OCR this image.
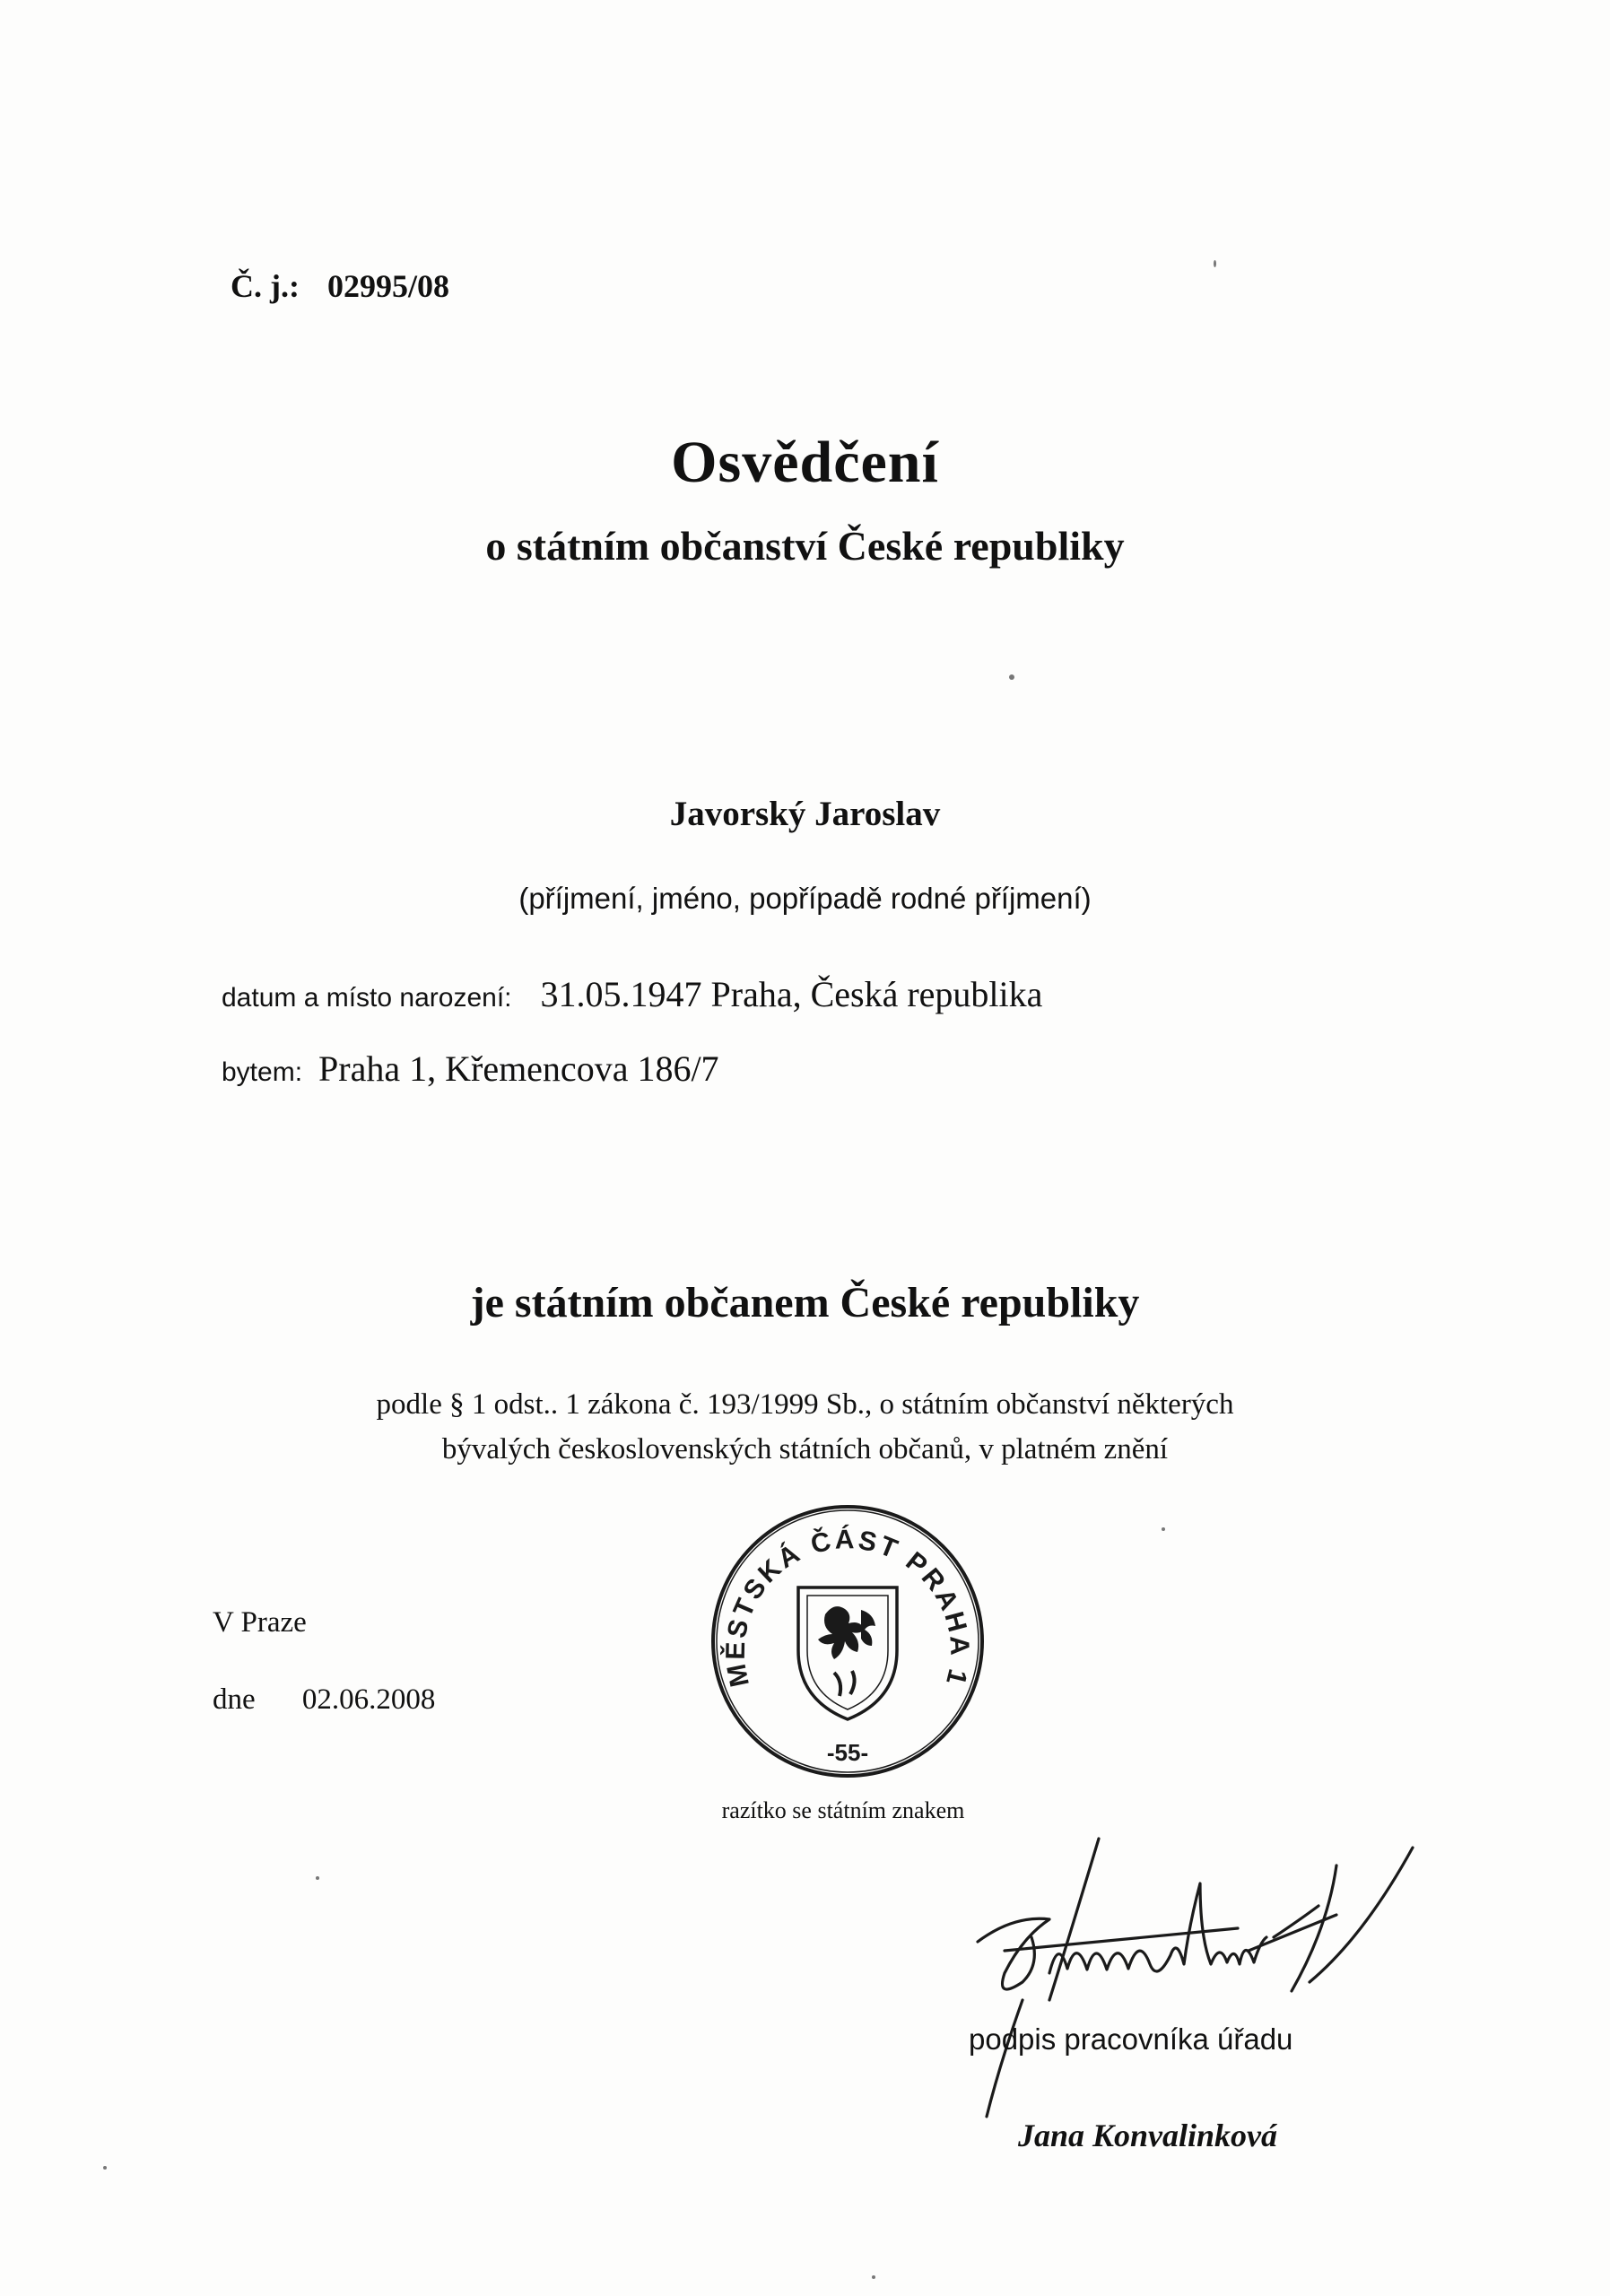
Č. j.: 02995/08
Osvědčení
o státním občanství České republiky
Javorský Jaroslav
(příjmení, jméno, popřípadě rodné příjmení)
datum a místo narození: 31.05.1947 Praha, Česká republika
bytem: Praha 1, Křemencova 186/7
je státním občanem České republiky
podle § 1 odst.. 1 zákona č. 193/1999 Sb., o státním občanství některých
bývalých československých státních občanů, v platném znění
V Praze
dne 02.06.2008
MĚSTSKÁ ČÁST PRAHA 1
-55-
razítko se státním znakem
podpis pracovníka úřadu
Jana Konvalinková
